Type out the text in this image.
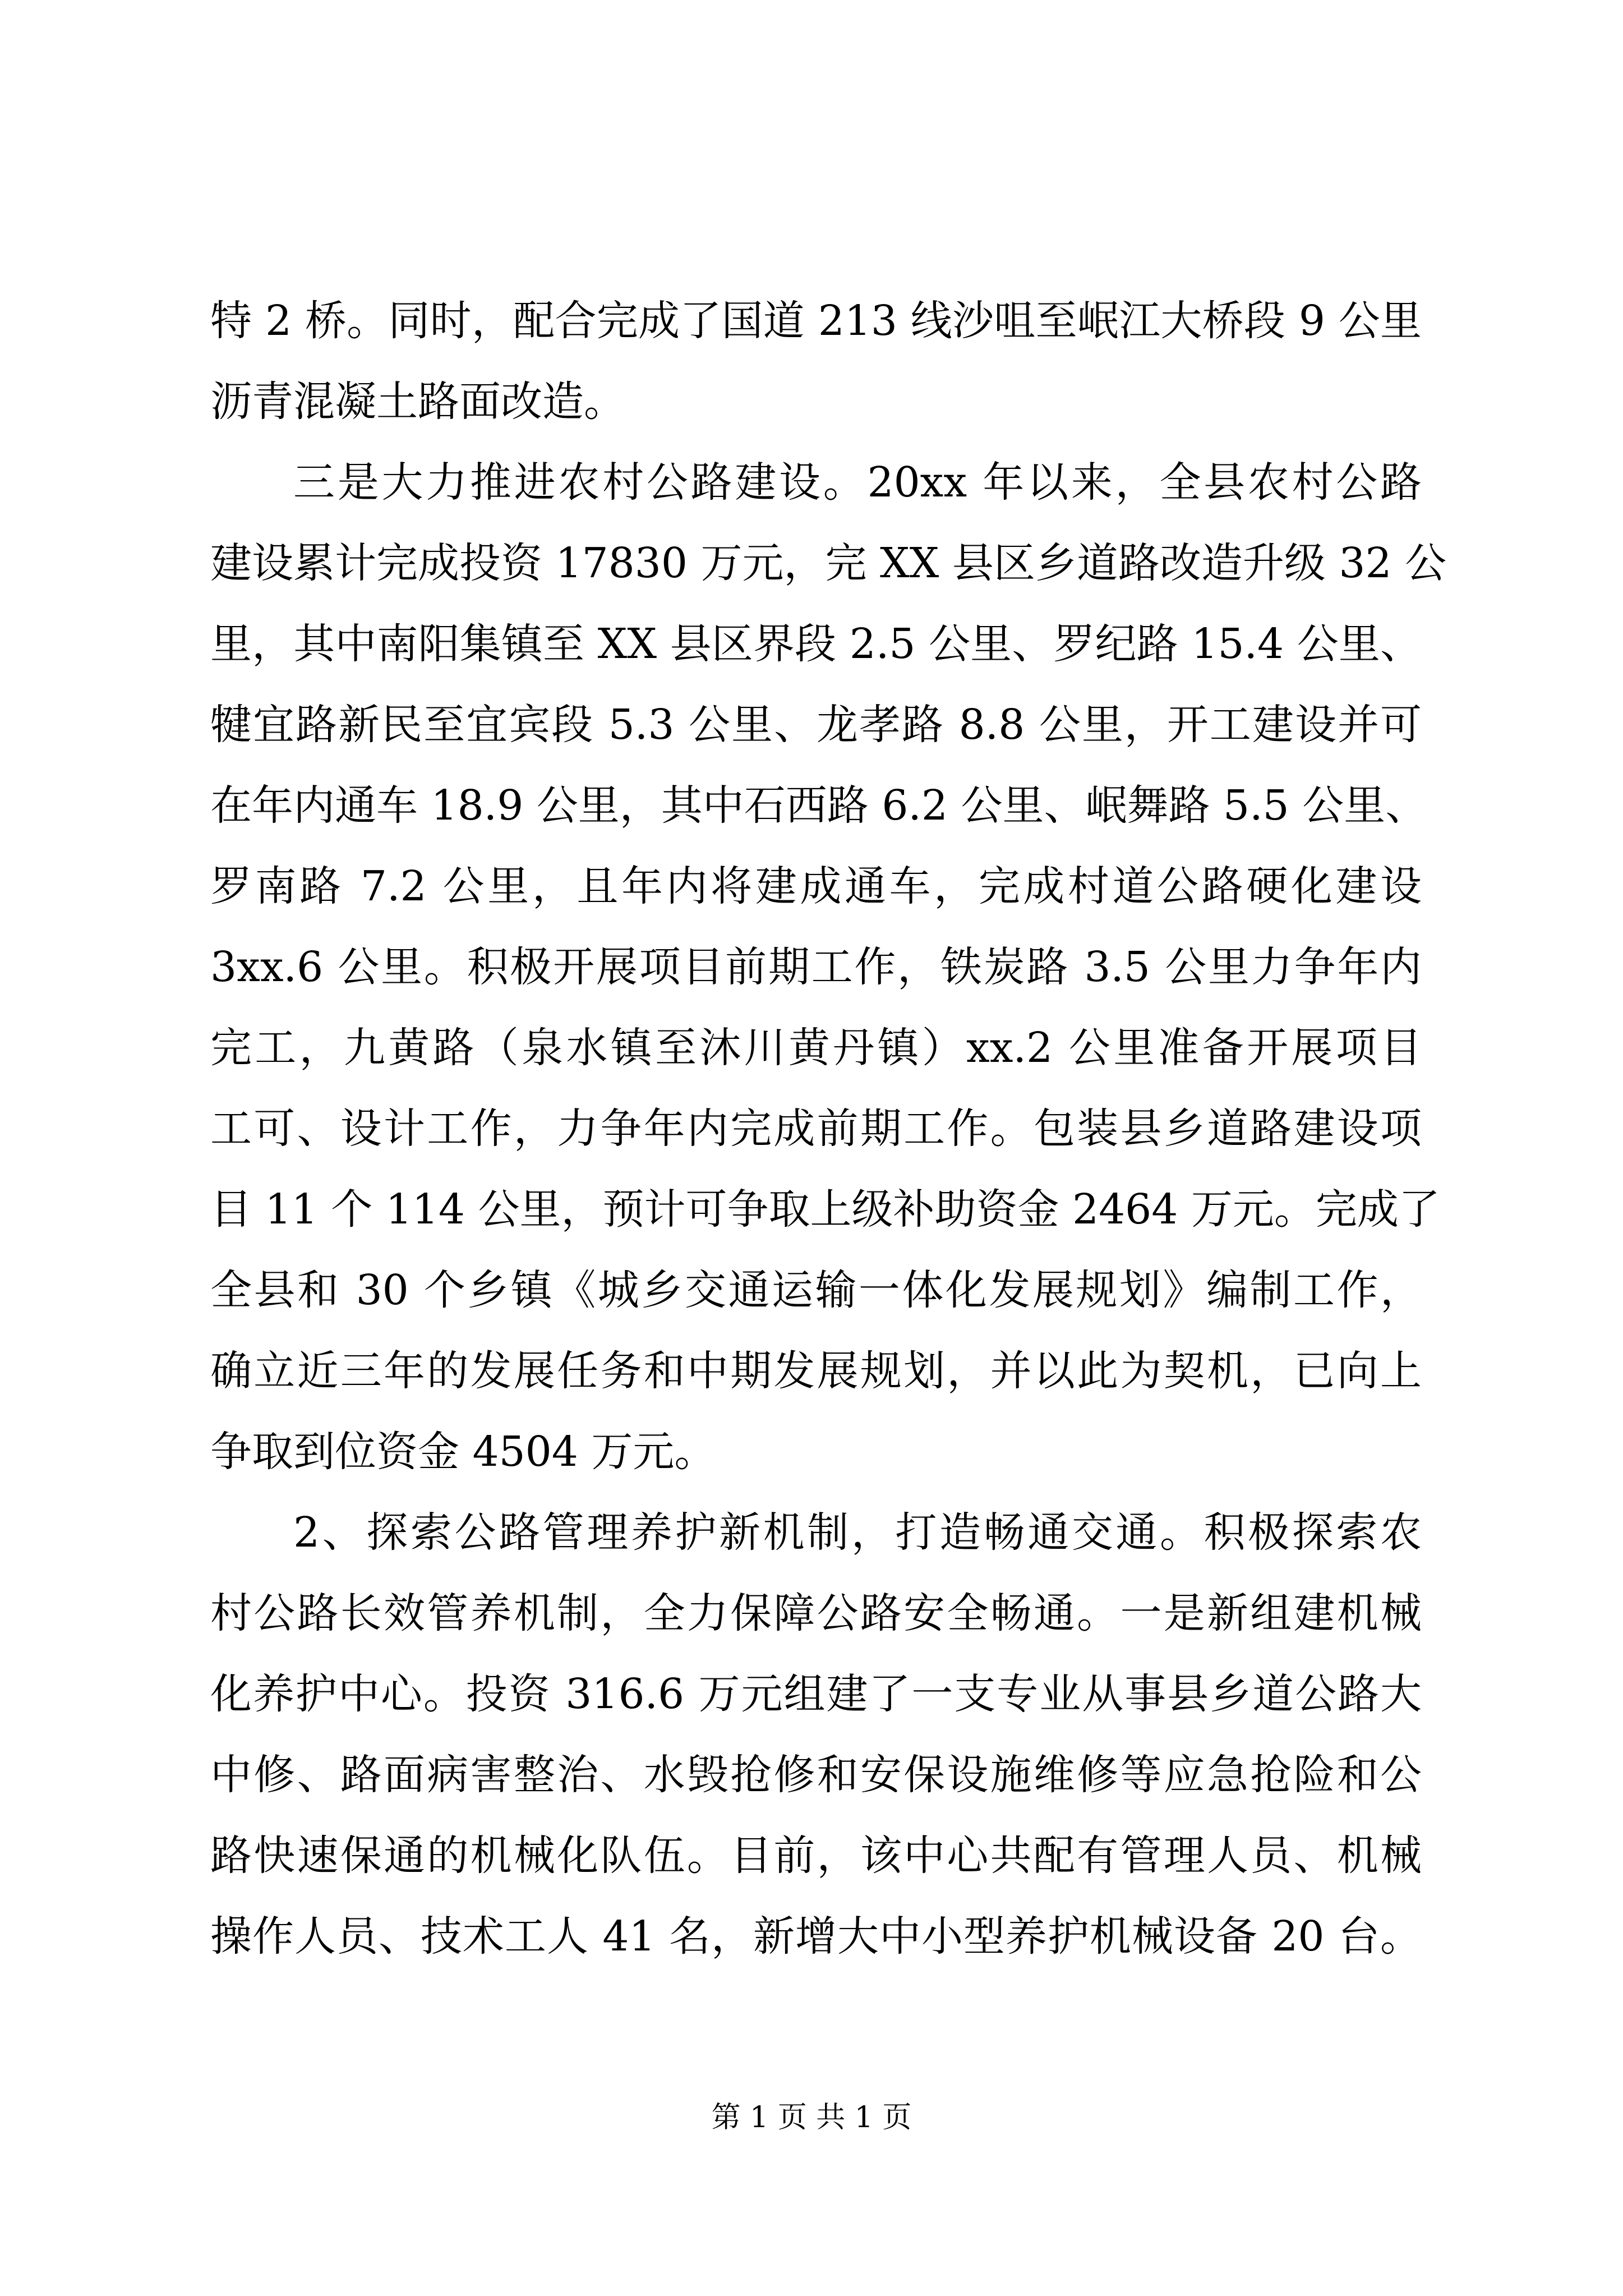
特 2 桥。同时，配合完成了国道 213 线沙咀至岷江大桥段 9 公里
沥青混凝土路面改造。
三是大力推进农村公路建设。20xx 年以来，全县农村公路
建设累计完成投资 17830 万元，完 XX 县区乡道路改造升级 32 公
里，其中南阳集镇至 XX 县区界段 2.5 公里、罗纪路 15.4 公里、
犍宜路新民至宜宾段 5.3 公里、龙孝路 8.8 公里，开工建设并可
在年内通车 18.9 公里，其中石西路 6.2 公里、岷舞路 5.5 公里、
罗南路 7.2 公里，且年内将建成通车，完成村道公路硬化建设
3xx.6 公里。积极开展项目前期工作，铁炭路 3.5 公里力争年内
完工，九黄路（泉水镇至沐川黄丹镇）xx.2 公里准备开展项目
工可、设计工作，力争年内完成前期工作。包装县乡道路建设项
目 11 个 114 公里，预计可争取上级补助资金 2464 万元。完成了
全县和 30 个乡镇《城乡交通运输一体化发展规划》编制工作，
确立近三年的发展任务和中期发展规划，并以此为契机，已向上
争取到位资金 4504 万元。
2、探索公路管理养护新机制，打造畅通交通。积极探索农
村公路长效管养机制，全力保障公路安全畅通。一是新组建机械
化养护中心。投资 316.6 万元组建了一支专业从事县乡道公路大
中修、路面病害整治、水毁抢修和安保设施维修等应急抢险和公
路快速保通的机械化队伍。目前，该中心共配有管理人员、机械
操作人员、技术工人 41 名，新增大中小型养护机械设备 20 台。
第 1 页 共 1 页
